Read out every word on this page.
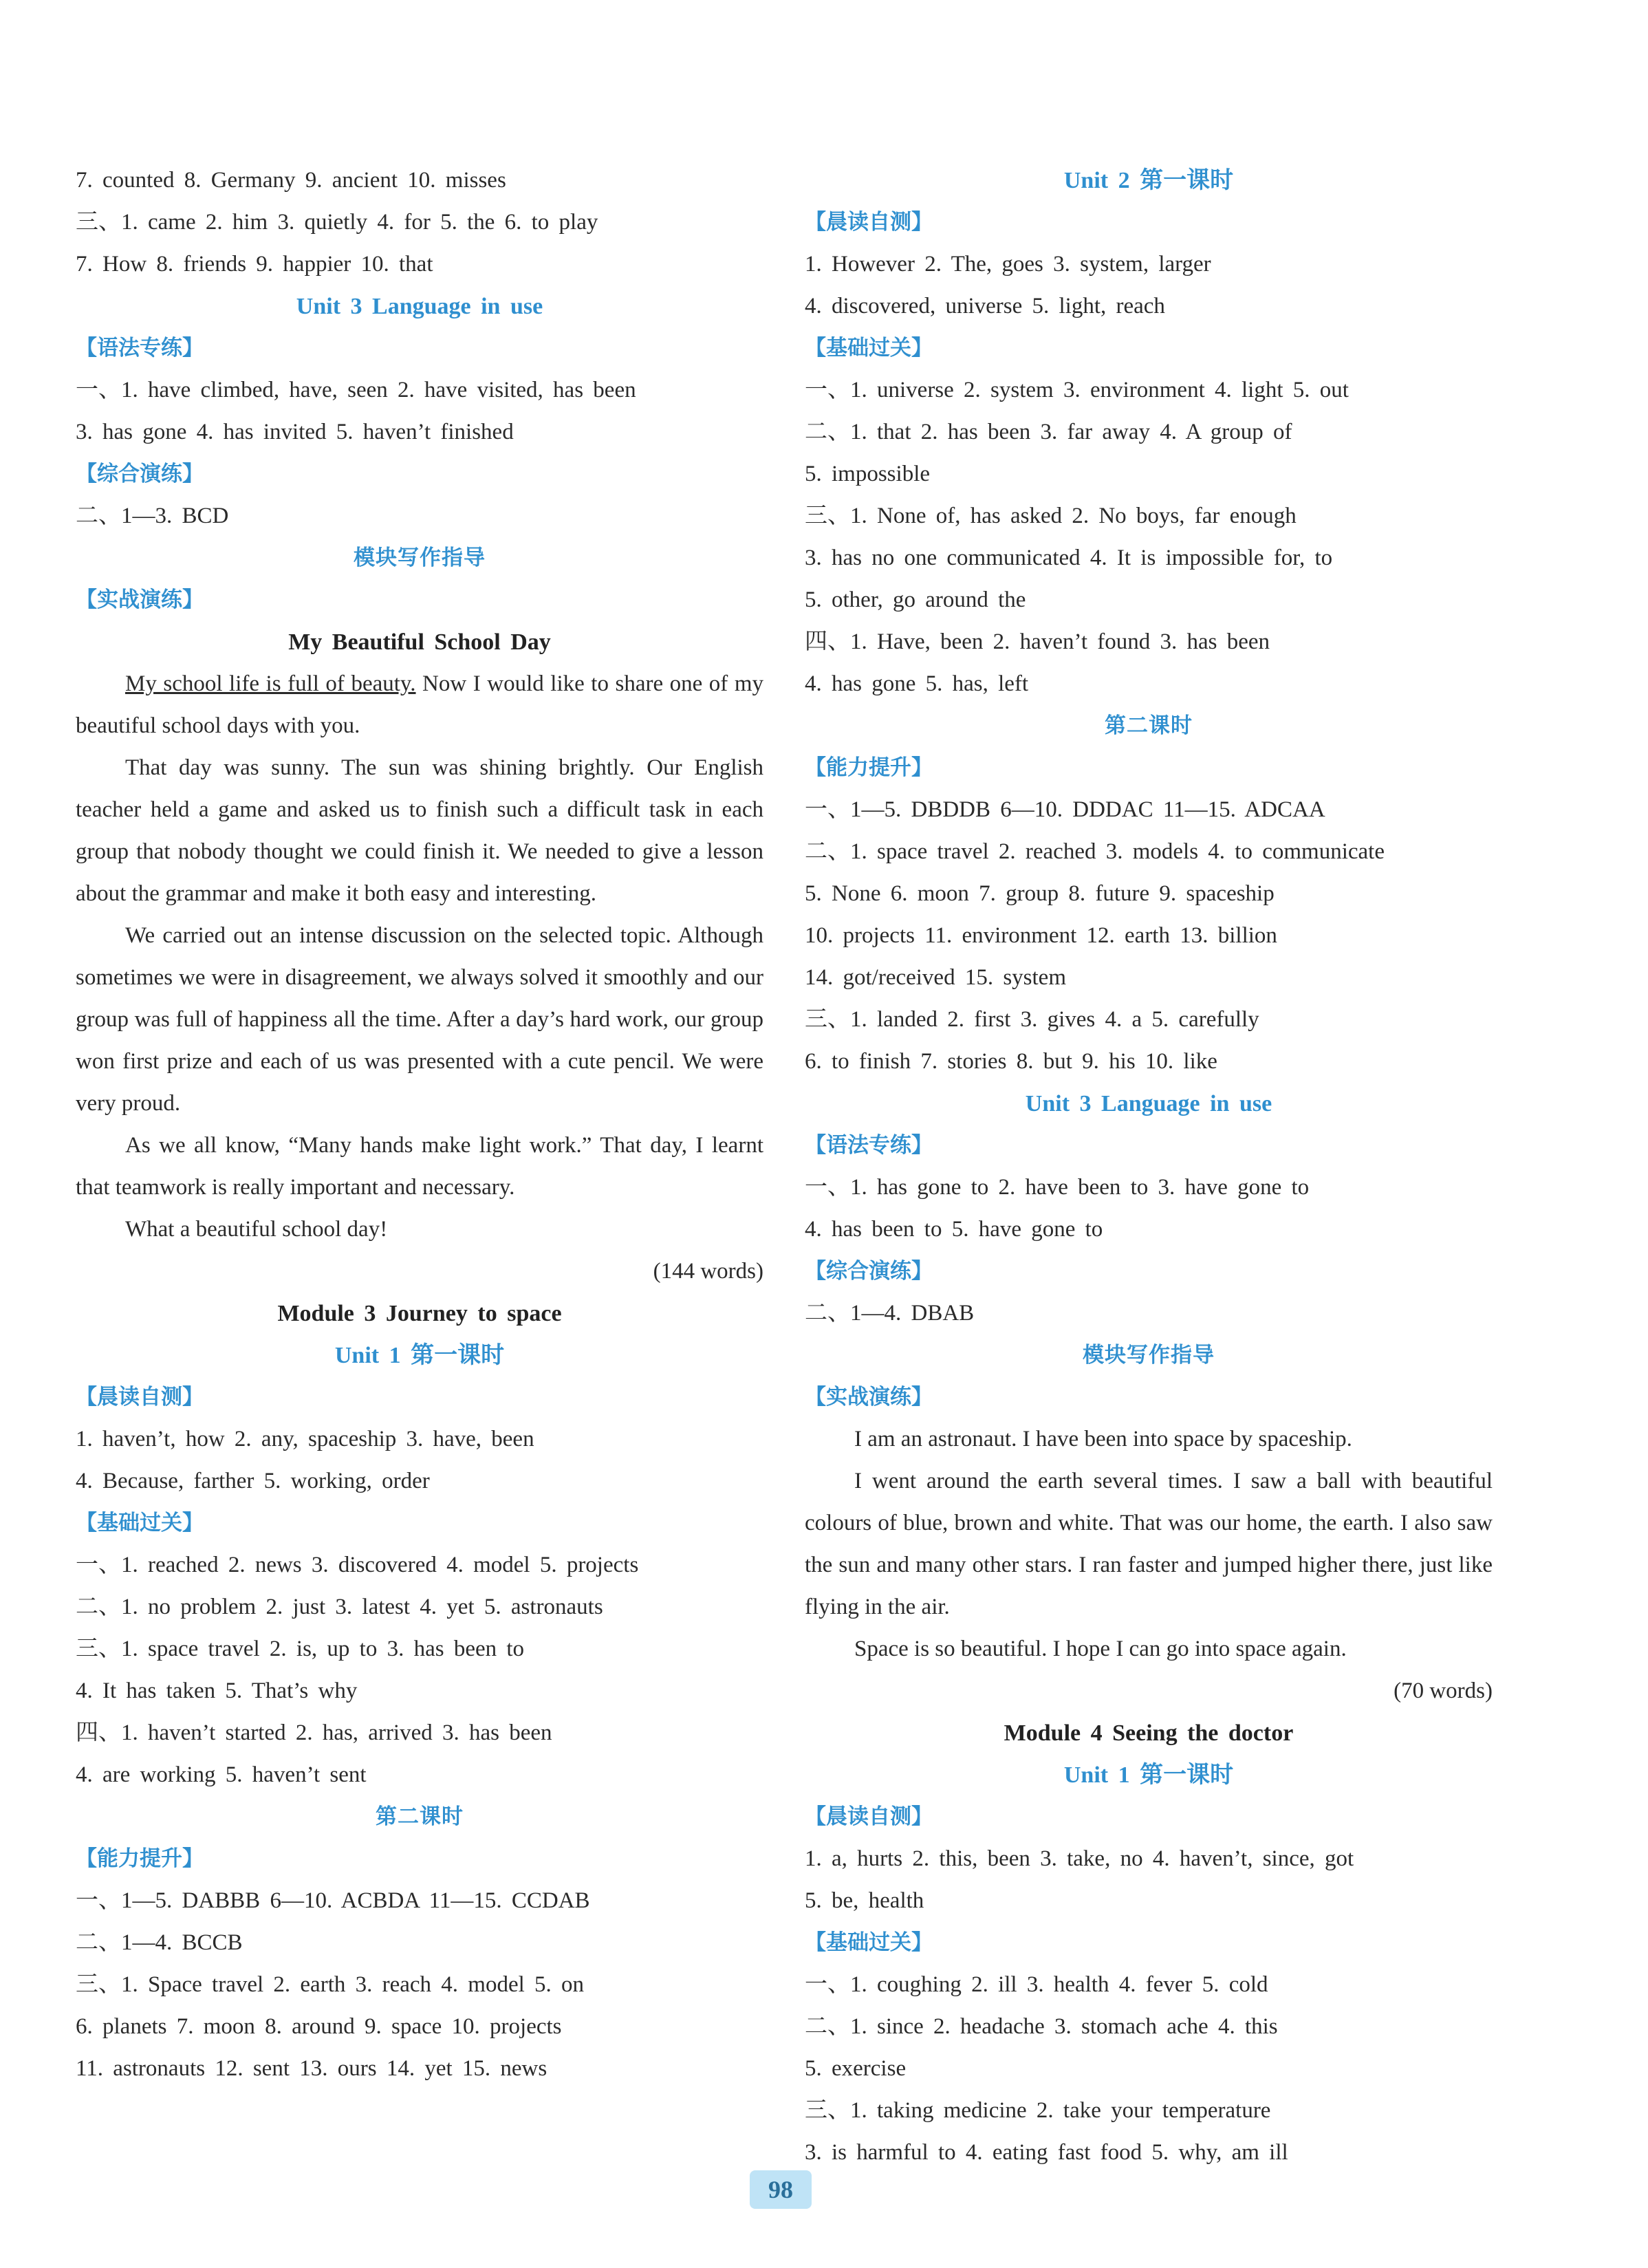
7. counted 8. Germany 9. ancient 10. misses
三、1. came 2. him 3. quietly 4. for 5. the 6. to play
7. How 8. friends 9. happier 10. that
Unit 3 Language in use
【语法专练】
一、1. have climbed, have, seen 2. have visited, has been
3. has gone 4. has invited 5. haven’t finished
【综合演练】
二、1—3. BCD
模块写作指导
【实战演练】
My Beautiful School Day

My school life is full of beauty. Now I would like to share one of my beautiful school days with you.

That day was sunny. The sun was shining brightly. Our English teacher held a game and asked us to finish such a difficult task in each group that nobody thought we could finish it. We needed to give a lesson about the grammar and make it both easy and interesting.

We carried out an intense discussion on the selected topic. Although sometimes we were in disagreement, we always solved it smoothly and our group was full of happiness all the time. After a day’s hard work, our group won first prize and each of us was presented with a cute pencil. We were very proud.

As we all know, “Many hands make light work.” That day, I learnt that teamwork is really important and necessary.

What a beautiful school day!

(144 words)
Module 3 Journey to space
Unit 1 第一课时
【晨读自测】
1. haven’t, how 2. any, spaceship 3. have, been
4. Because, farther 5. working, order
【基础过关】
一、1. reached 2. news 3. discovered 4. model 5. projects
二、1. no problem 2. just 3. latest 4. yet 5. astronauts
三、1. space travel 2. is, up to 3. has been to
4. It has taken 5. That’s why
四、1. haven’t started 2. has, arrived 3. has been
4. are working 5. haven’t sent
第二课时
【能力提升】
一、1—5. DABBB 6—10. ACBDA 11—15. CCDAB
二、1—4. BCCB
三、1. Space travel 2. earth 3. reach 4. model 5. on
6. planets 7. moon 8. around 9. space 10. projects
11. astronauts 12. sent 13. ours 14. yet 15. news
Unit 2 第一课时
【晨读自测】
1. However 2. The, goes 3. system, larger
4. discovered, universe 5. light, reach
【基础过关】
一、1. universe 2. system 3. environment 4. light 5. out
二、1. that 2. has been 3. far away 4. A group of
5. impossible
三、1. None of, has asked 2. No boys, far enough
3. has no one communicated 4. It is impossible for, to
5. other, go around the
四、1. Have, been 2. haven’t found 3. has been
4. has gone 5. has, left
第二课时
【能力提升】
一、1—5. DBDDB 6—10. DDDAC 11—15. ADCAA
二、1. space travel 2. reached 3. models 4. to communicate
5. None 6. moon 7. group 8. future 9. spaceship
10. projects 11. environment 12. earth 13. billion
14. got/received 15. system
三、1. landed 2. first 3. gives 4. a 5. carefully
6. to finish 7. stories 8. but 9. his 10. like
Unit 3 Language in use
【语法专练】
一、1. has gone to 2. have been to 3. have gone to
4. has been to 5. have gone to
【综合演练】
二、1—4. DBAB
模块写作指导
【实战演练】

I am an astronaut. I have been into space by spaceship.

I went around the earth several times. I saw a ball with beautiful colours of blue, brown and white. That was our home, the earth. I also saw the sun and many other stars. I ran faster and jumped higher there, just like flying in the air.

Space is so beautiful. I hope I can go into space again.

(70 words)
Module 4 Seeing the doctor
Unit 1 第一课时
【晨读自测】
1. a, hurts 2. this, been 3. take, no 4. haven’t, since, got
5. be, health
【基础过关】
一、1. coughing 2. ill 3. health 4. fever 5. cold
二、1. since 2. headache 3. stomach ache 4. this
5. exercise
三、1. taking medicine 2. take your temperature
3. is harmful to 4. eating fast food 5. why, am ill
98
